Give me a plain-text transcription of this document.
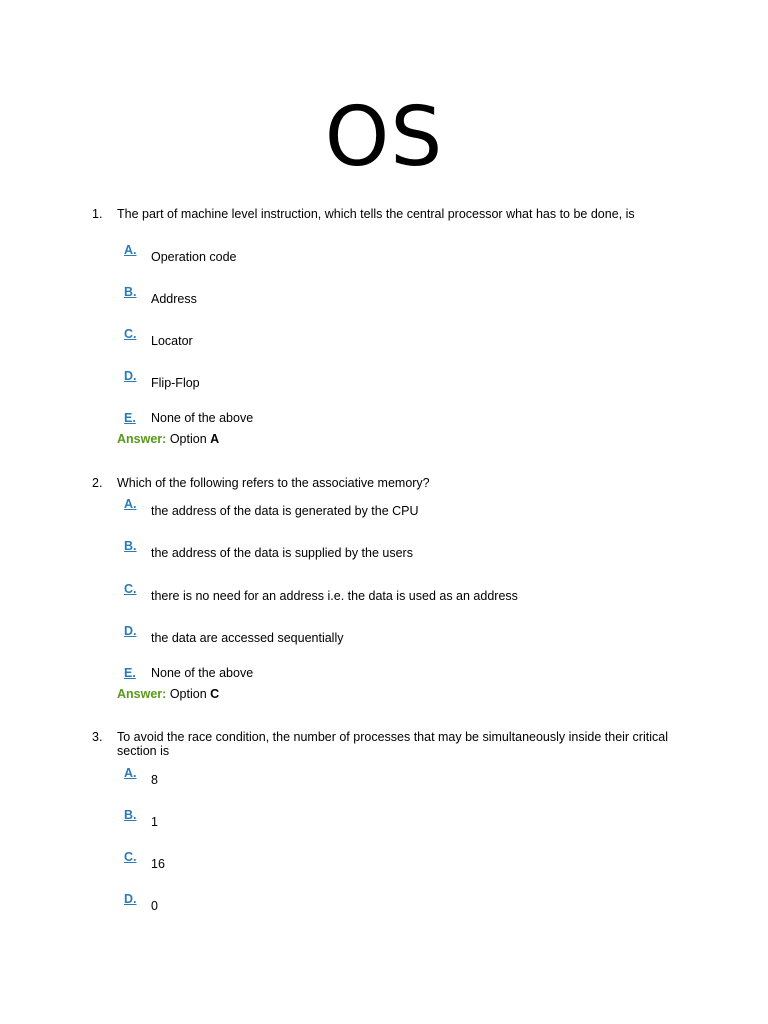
OS
1. The part of machine level instruction, which tells the central processor what has to be done, is
A. Operation code
B. Address
C. Locator
D. Flip-Flop
E.	None of the above
Answer: Option A
2. Which of the following refers to the associative memory?
A. the address of the data is generated by the CPU
B. the address of the data is supplied by the users
C. there is no need for an address i.e. the data is used as an address
D. the data are accessed sequentially
E.	None of the above
Answer: Option C
3. To avoid the race condition, the number of processes that may be simultaneously inside their critical section is
A. 8
B. 1
C. 16
D. 0
